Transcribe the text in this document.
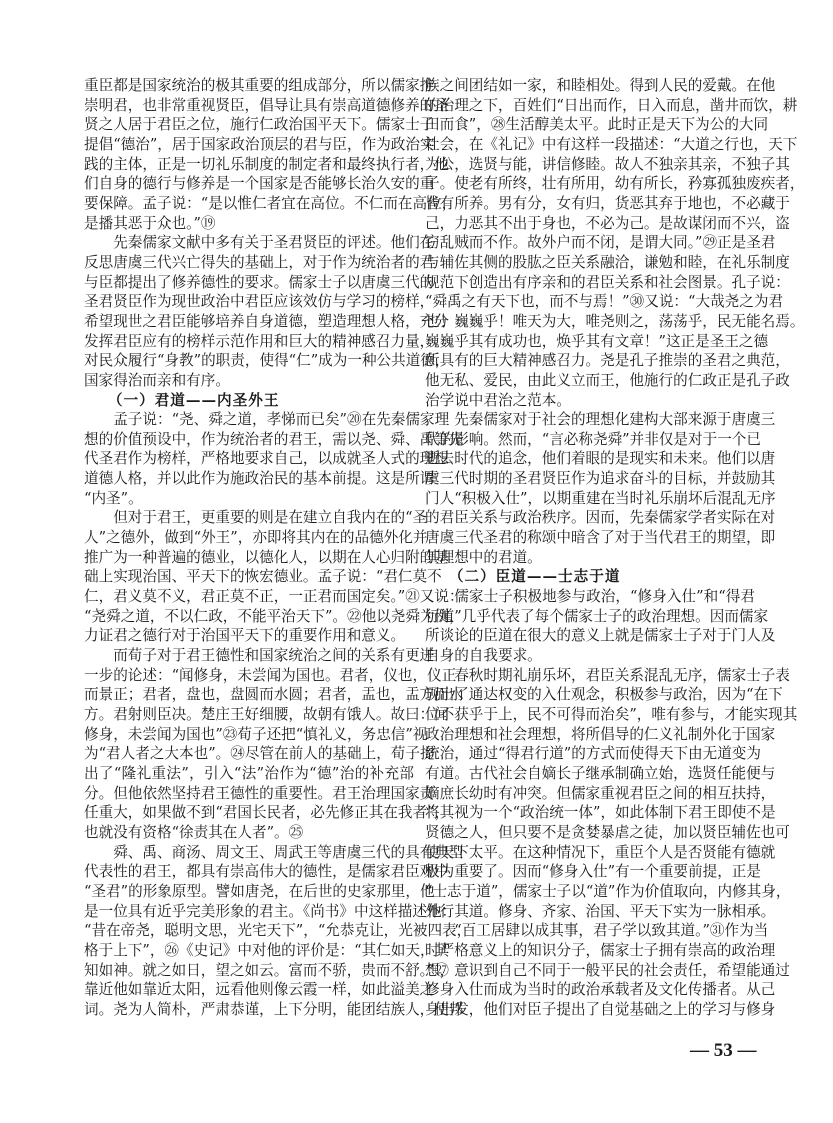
重臣都是国家统治的极其重要的组成部分，所以儒家推
崇明君，也非常重视贤臣，倡导让具有崇高道德修养的圣
贤之人居于君臣之位，施行仁政治国平天下。儒家士子
提倡“德治”，居于国家政治顶层的君与臣，作为政治实
践的主体，正是一切礼乐制度的制定者和最终执行者，他
们自身的德行与修养是一个国家是否能够长治久安的重
要保障。孟子说：“是以惟仁者宜在高位。不仁而在高位，
是播其恶于众也。”⑲
　　先秦儒家文献中多有关于圣君贤臣的评述。他们在
反思唐虞三代兴亡得失的基础上，对于作为统治者的君
与臣都提出了修养德性的要求。儒家士子以唐虞三代的
圣君贤臣作为现世政治中君臣应该效仿与学习的榜样，
希望现世之君臣能够培养自身道德，塑造理想人格，充分
发挥君臣应有的榜样示范作用和巨大的精神感召力量，
对民众履行“身教”的职责，使得“仁”成为一种公共道德，
国家得治而亲和有序。
　　（一）君道——内圣外王
　　孟子说：“尧、舜之道，孝悌而已矣”⑳在先秦儒家理
想的价值预设中，作为统治者的君王，需以尧、舜、禹等先
代圣君作为榜样，严格地要求自己，以成就圣人式的理想
道德人格，并以此作为施政治民的基本前提。这是所谓
“内圣”。
　　但对于君王，更重要的则是在建立自我内在的“圣
人”之德外，做到“外王”，亦即将其内在的品德外化并
推广为一种普遍的德业，以德化人，以期在人心归附的基
础上实现治国、平天下的恢宏德业。孟子说：“君仁莫不
仁，君义莫不义，君正莫不正，一正君而国定矣。”㉑又说：
“尧舜之道，不以仁政，不能平治天下”。㉒他以尧舜为例，
力证君之德行对于治国平天下的重要作用和意义。
　　而荀子对于君王德性和国家统治之间的关系有更进
一步的论述：“闻修身，未尝闻为国也。君者，仪也，仪正
而景正；君者，盘也，盘圆而水圆；君者，盂也，盂方而水
方。君射则臣决。楚庄王好细腰，故朝有饿人。故曰：闻
修身，未尝闻为国也”㉓荀子还把“慎礼义，务忠信”视
为“君人者之大本也”。㉔尽管在前人的基础上，荀子提
出了“隆礼重法”，引入“法”治作为“德”治的补充部
分。但他依然坚持君王德性的重要性。君王治理国家责
任重大，如果做不到“君国长民者，必先修正其在我者”，
也就没有资格“徐责其在人者”。㉕
　　舜、禹、商汤、周文王、周武王等唐虞三代的具有典型
代表性的君王，都具有崇高伟大的德性，是儒家君臣观中
“圣君”的形象原型。譬如唐尧，在后世的史家那里，他
是一位具有近乎完美形象的君主。《尚书》中这样描述他：
“昔在帝尧，聪明文思，光宅天下”，“允恭克让，光被四表，
格于上下”，㉖《史记》中对他的评价是：“其仁如天，其
知如神。就之如日，望之如云。富而不骄，贵而不舒。”㉗
靠近他如靠近太阳，远看他则像云霞一样，如此溢美之
词。尧为人简朴，严肃恭谨，上下分明，能团结族人，使邦
族之间团结如一家，和睦相处。得到人民的爱戴。在他
的治理之下，百姓们“日出而作，日入而息，凿井而饮，耕
田而食”，㉘生活醇美太平。此时正是天下为公的大同
社会，在《礼记》中有这样一段描述：“大道之行也，天下
为公，选贤与能，讲信修睦。故人不独亲其亲，不独子其
子。使老有所终，壮有所用，幼有所长，矜寡孤独废疾者，
皆有所养。男有分，女有归，货恶其弃于地也，不必藏于
己，力恶其不出于身也，不必为己。是故谋闭而不兴，盗
窃乱贼而不作。故外户而不闭，是谓大同。”㉙正是圣君
与辅佐其侧的股肱之臣关系融洽，谦勉和睦，在礼乐制度
规范下创造出有序亲和的君臣关系和社会图景。孔子说：
“舜禹之有天下也，而不与焉！”㉚又说：“大哉尧之为君
也！巍巍乎！唯天为大，唯尧则之，荡荡乎，民无能名焉。
巍巍乎其有成功也，焕乎其有文章！”这正是圣王之德
所具有的巨大精神感召力。尧是孔子推崇的圣君之典范，
他无私、爱民，由此义立而王，他施行的仁政正是孔子政
治学说中君治之范本。
　　先秦儒家对于社会的理想化建构大部来源于唐虞三
代的影响。然而，“言必称尧舜”并非仅是对于一个已
逝去时代的追念，他们着眼的是现实和未来。他们以唐
虞三代时期的圣君贤臣作为追求奋斗的目标，并鼓励其
门人“积极入仕”，以期重建在当时礼乐崩坏后混乱无序
的君臣关系与政治秩序。因而，先秦儒家学者实际在对
唐虞三代圣君的称颂中暗含了对于当代君王的期望，即
其理想中的君道。
　　（二）臣道——士志于道
　　儒家士子积极地参与政治，“修身入仕”和“得君
行道”几乎代表了每个儒家士子的政治理想。因而儒家
所谈论的臣道在很大的意义上就是儒家士子对于门人及
自身的自我要求。
　　春秋时期礼崩乐坏，君臣关系混乱无序，儒家士子表
现出了通达权变的入仕观念，积极参与政治，因为“在下
位不获乎于上，民不可得而治矣”，唯有参与，才能实现其
政治理想和社会理想，将所倡导的仁义礼制外化于国家
统治，通过“得君行道”的方式而使得天下由无道变为
有道。古代社会自嫡长子继承制确立始，选贤任能便与
嫡庶长幼时有冲突。但儒家重视君臣之间的相互扶持，
将其视为一个“政治统一体”，如此体制下君王即使不是
贤德之人，但只要不是贪婪暴虐之徒，加以贤臣辅佐也可
使天下太平。在这种情况下，重臣个人是否贤能有德就
极为重要了。因而“修身入仕”有一个重要前提，正是
“士志于道”，儒家士子以“道”作为价值取向，内修其身，
外行其道。修身、齐家、治国、平天下实为一脉相承。
　　“百工居肆以成其事，君子学以致其道。”㉛作为当
时严格意义上的知识分子，儒家士子拥有崇高的政治理
想，意识到自己不同于一般平民的社会责任，希望能通过
修身入仕而成为当时的政治承载者及文化传播者。从己
身出发，他们对臣子提出了自觉基础之上的学习与修身
— 53 —
